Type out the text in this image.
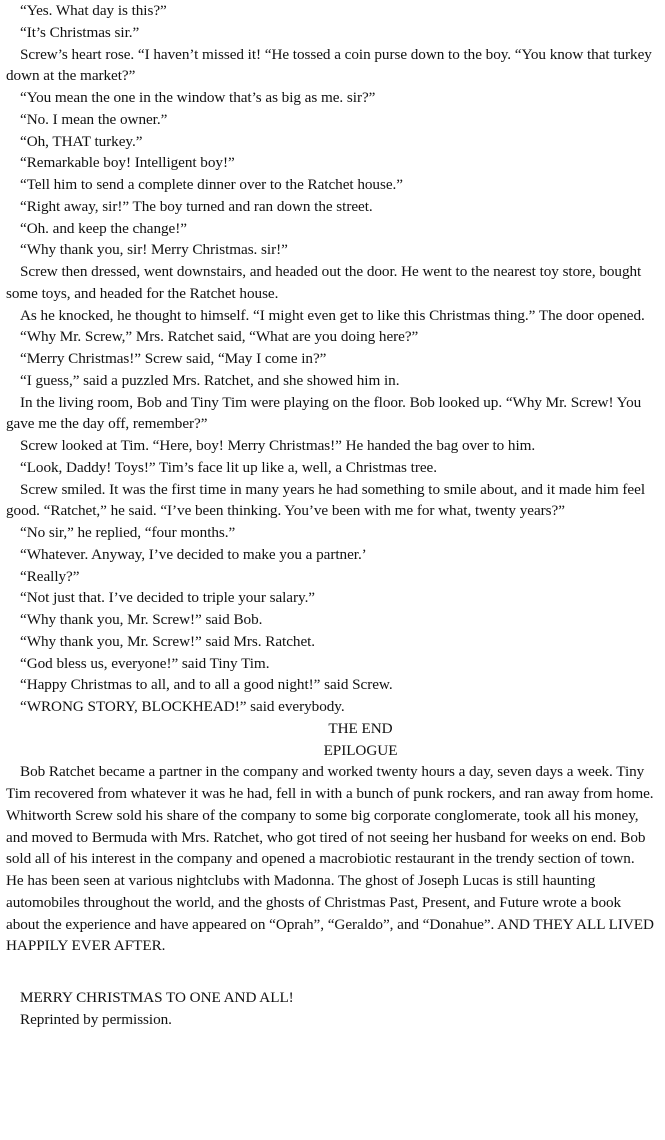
“Yes. What day is this?”

“It’s Christmas sir.”

Screw’s heart rose. “I haven’t missed it! “He tossed a coin purse down to the boy. “You know that turkey down at the market?”

“You mean the one in the window that’s as big as me. sir?”

“No. I mean the owner.”

“Oh, THAT turkey.”

“Remarkable boy! Intelligent boy!”

“Tell him to send a complete dinner over to the Ratchet house.”

“Right away, sir!” The boy turned and ran down the street.

“Oh. and keep the change!”

“Why thank you, sir! Merry Christmas. sir!”

Screw then dressed, went downstairs, and headed out the door. He went to the nearest toy store, bought some toys, and headed for the Ratchet house.

As he knocked, he thought to himself. “I might even get to like this Christmas thing.” The door opened.

“Why Mr. Screw,” Mrs. Ratchet said, “What are you doing here?”

“Merry Christmas!” Screw said, “May I come in?”

“I guess,” said a puzzled Mrs. Ratchet, and she showed him in.

In the living room, Bob and Tiny Tim were playing on the floor. Bob looked up. “Why Mr. Screw! You gave me the day off, remember?”

Screw looked at Tim. “Here, boy! Merry Christmas!” He handed the bag over to him.

“Look, Daddy! Toys!” Tim’s face lit up like a, well, a Christmas tree.

Screw smiled. It was the first time in many years he had something to smile about, and it made him feel good. “Ratchet,” he said. “I’ve been thinking. You’ve been with me for what, twenty years?”

“No sir,” he replied, “four months.”

“Whatever. Anyway, I’ve decided to make you a partner.’

“Really?”

“Not just that. I’ve decided to triple your salary.”

“Why thank you, Mr. Screw!” said Bob.

“Why thank you, Mr. Screw!” said Mrs. Ratchet.

“God bless us, everyone!” said Tiny Tim.

“Happy Christmas to all, and to all a good night!” said Screw.

“WRONG STORY, BLOCKHEAD!” said everybody.

THE END

EPILOGUE

Bob Ratchet became a partner in the company and worked twenty hours a day, seven days a week. Tiny Tim recovered from whatever it was he had, fell in with a bunch of punk rockers, and ran away from home. Whitworth Screw sold his share of the company to some big corporate conglomerate, took all his money, and moved to Bermuda with Mrs. Ratchet, who got tired of not seeing her husband for weeks on end. Bob sold all of his interest in the company and opened a macrobiotic restaurant in the trendy section of town. He has been seen at various nightclubs with Madonna. The ghost of Joseph Lucas is still haunting automobiles throughout the world, and the ghosts of Christmas Past, Present, and Future wrote a book about the experience and have appeared on “Oprah”, “Geraldo”, and “Donahue”. AND THEY ALL LIVED HAPPILY EVER AFTER.

MERRY CHRISTMAS TO ONE AND ALL!

Reprinted by permission.
